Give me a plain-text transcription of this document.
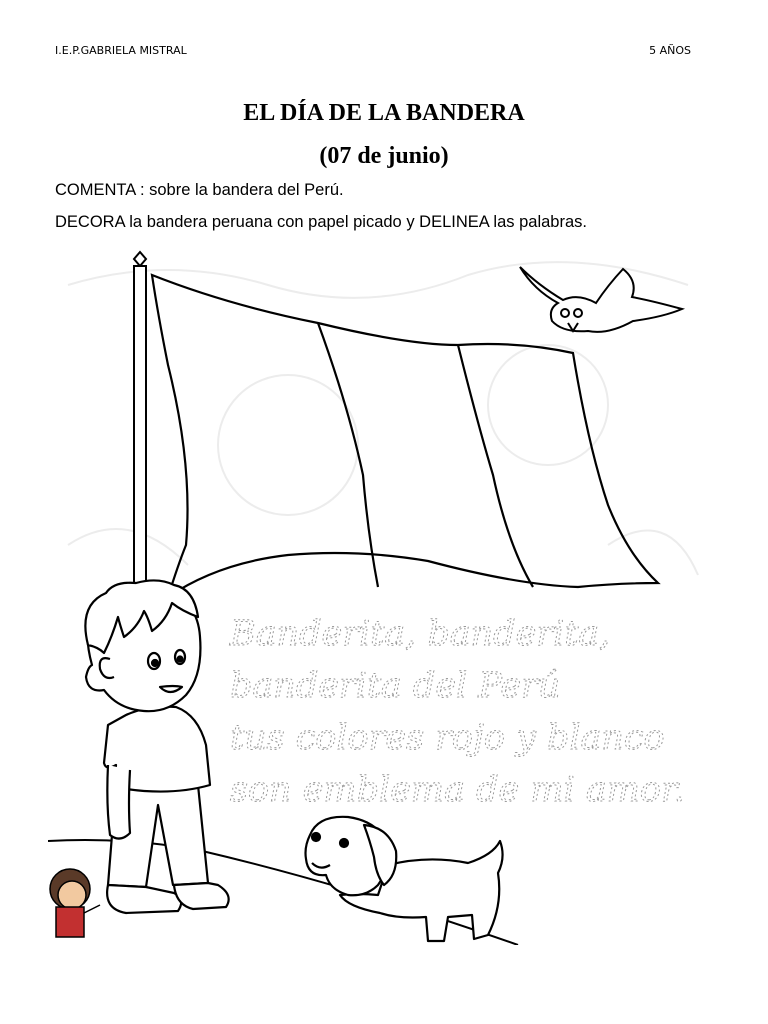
I.E.P.GABRIELA MISTRAL	5 AÑOS
EL DÍA DE LA BANDERA
(07 de junio)
COMENTA : sobre la bandera del Perú.
DECORA la bandera peruana con papel picado y DELINEA las palabras.
Banderita, banderita,
banderita del Perú
tus colores rojo y blanco
son emblema de mi amor.
